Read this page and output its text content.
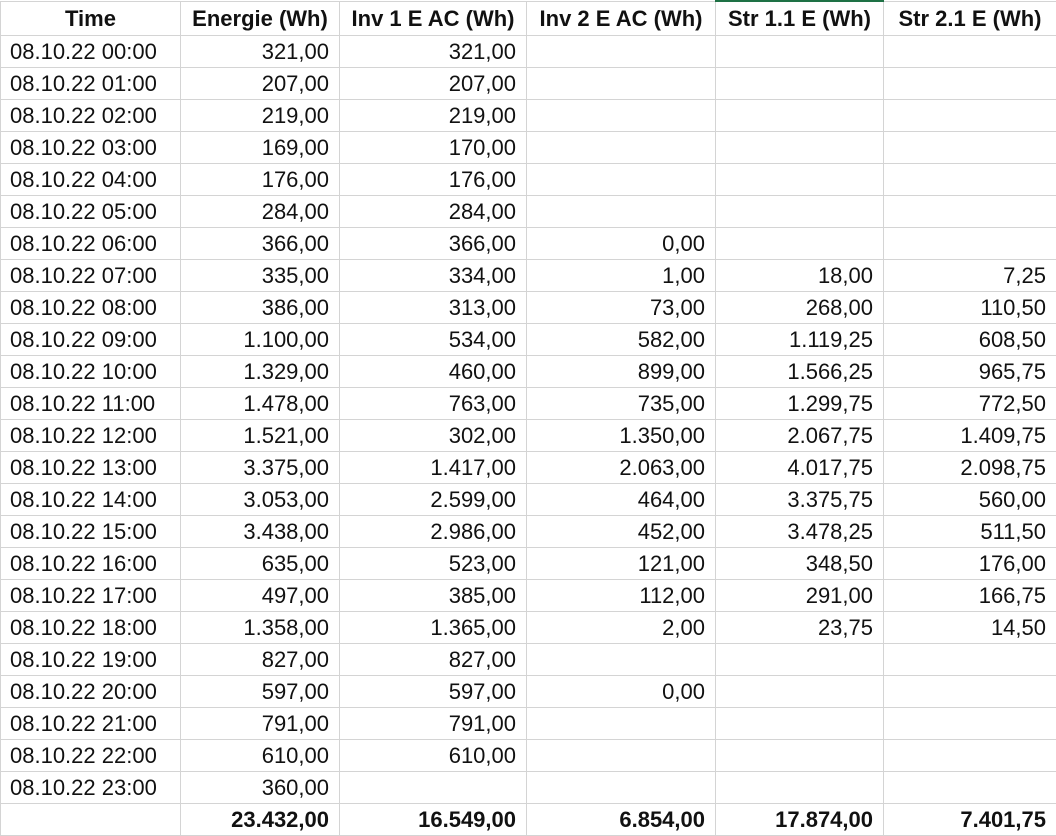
Time	Energie (Wh)	Inv 1 E AC (Wh)	Inv 2 E AC (Wh)	Str 1.1 E (Wh)	Str 2.1 E (Wh)
08.10.22 00:00	321,00	321,00			
08.10.22 01:00	207,00	207,00			
08.10.22 02:00	219,00	219,00			
08.10.22 03:00	169,00	170,00			
08.10.22 04:00	176,00	176,00			
08.10.22 05:00	284,00	284,00			
08.10.22 06:00	366,00	366,00	0,00		
08.10.22 07:00	335,00	334,00	1,00	18,00	7,25
08.10.22 08:00	386,00	313,00	73,00	268,00	110,50
08.10.22 09:00	1.100,00	534,00	582,00	1.119,25	608,50
08.10.22 10:00	1.329,00	460,00	899,00	1.566,25	965,75
08.10.22 11:00	1.478,00	763,00	735,00	1.299,75	772,50
08.10.22 12:00	1.521,00	302,00	1.350,00	2.067,75	1.409,75
08.10.22 13:00	3.375,00	1.417,00	2.063,00	4.017,75	2.098,75
08.10.22 14:00	3.053,00	2.599,00	464,00	3.375,75	560,00
08.10.22 15:00	3.438,00	2.986,00	452,00	3.478,25	511,50
08.10.22 16:00	635,00	523,00	121,00	348,50	176,00
08.10.22 17:00	497,00	385,00	112,00	291,00	166,75
08.10.22 18:00	1.358,00	1.365,00	2,00	23,75	14,50
08.10.22 19:00	827,00	827,00			
08.10.22 20:00	597,00	597,00	0,00		
08.10.22 21:00	791,00	791,00			
08.10.22 22:00	610,00	610,00			
08.10.22 23:00	360,00				
	23.432,00	16.549,00	6.854,00	17.874,00	7.401,75
